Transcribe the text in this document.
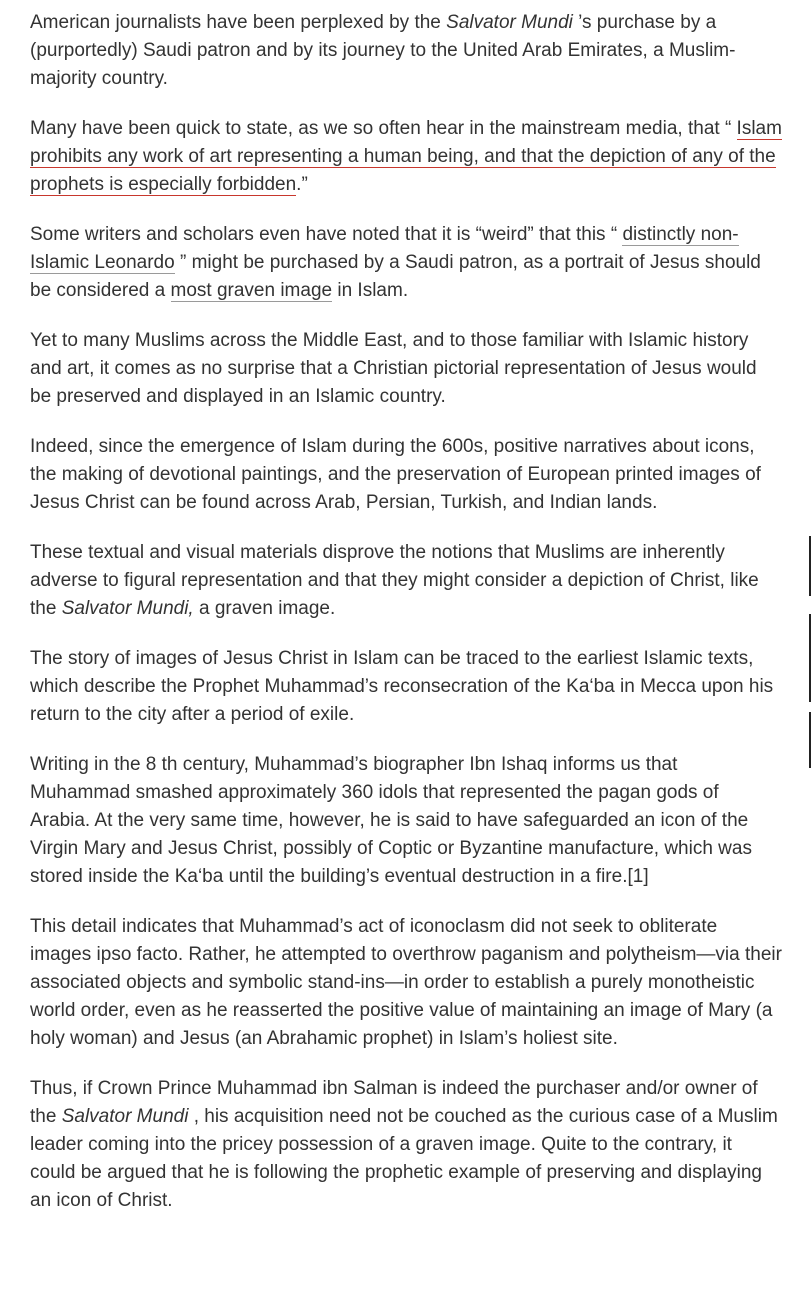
American journalists have been perplexed by the Salvator Mundi ’s purchase by a (purportedly) Saudi patron and by its journey to the United Arab Emirates, a Muslim-majority country.

Many have been quick to state, as we so often hear in the mainstream media, that “ Islam prohibits any work of art representing a human being, and that the depiction of any of the prophets is especially forbidden.”

Some writers and scholars even have noted that it is “weird” that this “ distinctly non-Islamic Leonardo ” might be purchased by a Saudi patron, as a portrait of Jesus should be considered a most graven image in Islam.

Yet to many Muslims across the Middle East, and to those familiar with Islamic history and art, it comes as no surprise that a Christian pictorial representation of Jesus would be preserved and displayed in an Islamic country.

Indeed, since the emergence of Islam during the 600s, positive narratives about icons, the making of devotional paintings, and the preservation of European printed images of Jesus Christ can be found across Arab, Persian, Turkish, and Indian lands.

These textual and visual materials disprove the notions that Muslims are inherently adverse to figural representation and that they might consider a depiction of Christ, like the Salvator Mundi, a graven image.

The story of images of Jesus Christ in Islam can be traced to the earliest Islamic texts, which describe the Prophet Muhammad’s reconsecration of the Ka‘ba in Mecca upon his return to the city after a period of exile.

Writing in the 8 th century, Muhammad’s biographer Ibn Ishaq informs us that Muhammad smashed approximately 360 idols that represented the pagan gods of Arabia. At the very same time, however, he is said to have safeguarded an icon of the Virgin Mary and Jesus Christ, possibly of Coptic or Byzantine manufacture, which was stored inside the Ka‘ba until the building’s eventual destruction in a fire.[1]

This detail indicates that Muhammad’s act of iconoclasm did not seek to obliterate images ipso facto. Rather, he attempted to overthrow paganism and polytheism—via their associated objects and symbolic stand-ins—in order to establish a purely monotheistic world order, even as he reasserted the positive value of maintaining an image of Mary (a holy woman) and Jesus (an Abrahamic prophet) in Islam’s holiest site.

Thus, if Crown Prince Muhammad ibn Salman is indeed the purchaser and/or owner of the Salvator Mundi , his acquisition need not be couched as the curious case of a Muslim leader coming into the pricey possession of a graven image. Quite to the contrary, it could be argued that he is following the prophetic example of preserving and displaying an icon of Christ.
